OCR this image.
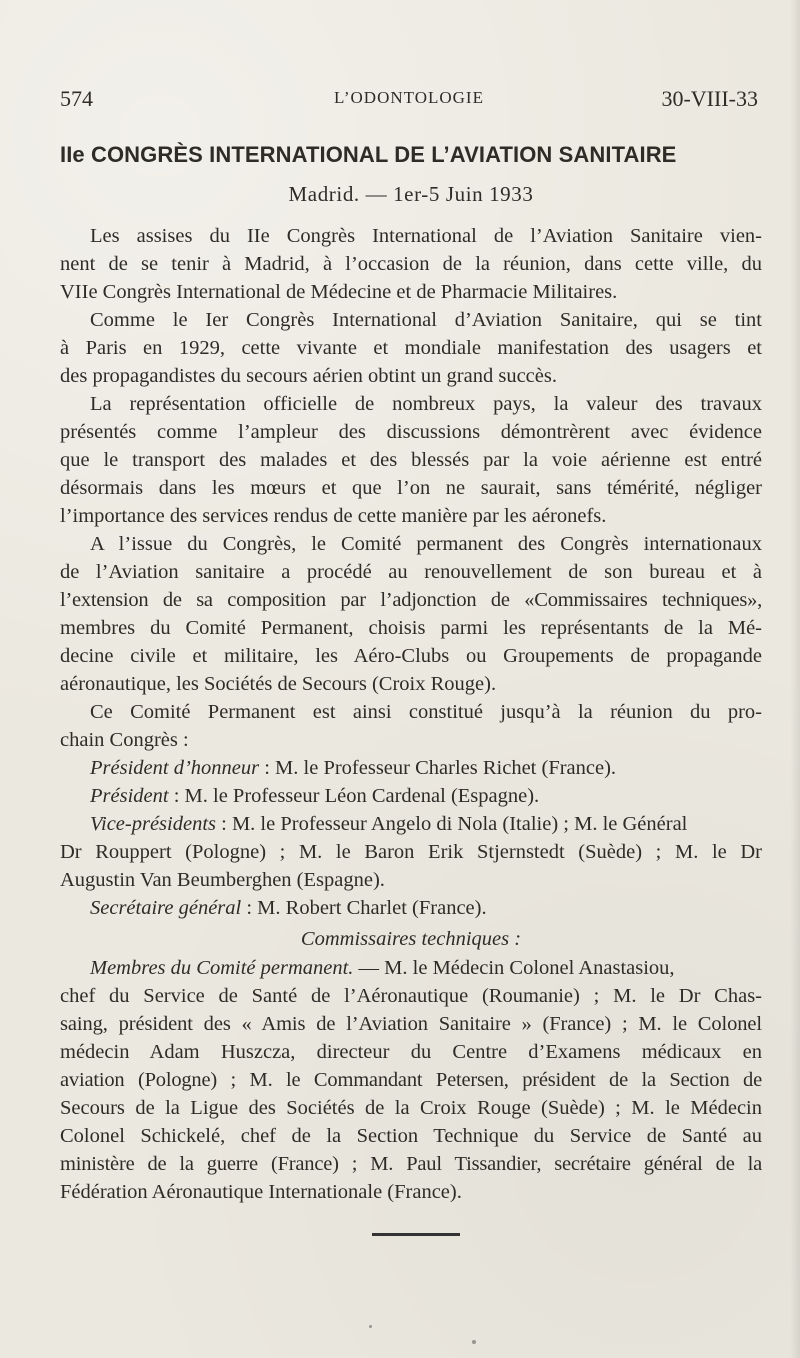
574	L’ODONTOLOGIE	30-VIII-33
IIe CONGRÈS INTERNATIONAL DE L’AVIATION SANITAIRE
Madrid. — 1er-5 Juin 1933
Les assises du IIe Congrès International de l’Aviation Sanitaire vien-
nent de se tenir à Madrid, à l’occasion de la réunion, dans cette ville, du
VIIe Congrès International de Médecine et de Pharmacie Militaires.
Comme le Ier Congrès International d’Aviation Sanitaire, qui se tint
à Paris en 1929, cette vivante et mondiale manifestation des usagers et
des propagandistes du secours aérien obtint un grand succès.
La représentation officielle de nombreux pays, la valeur des travaux
présentés comme l’ampleur des discussions démontrèrent avec évidence
que le transport des malades et des blessés par la voie aérienne est entré
désormais dans les mœurs et que l’on ne saurait, sans témérité, négliger
l’importance des services rendus de cette manière par les aéronefs.
A l’issue du Congrès, le Comité permanent des Congrès internationaux
de l’Aviation sanitaire a procédé au renouvellement de son bureau et à
l’extension de sa composition par l’adjonction de «Commissaires techniques»,
membres du Comité Permanent, choisis parmi les représentants de la Mé-
decine civile et militaire, les Aéro-Clubs ou Groupements de propagande
aéronautique, les Sociétés de Secours (Croix Rouge).
Ce Comité Permanent est ainsi constitué jusqu’à la réunion du pro-
chain Congrès :
Président d’honneur : M. le Professeur Charles Richet (France).
Président : M. le Professeur Léon Cardenal (Espagne).
Vice-présidents : M. le Professeur Angelo di Nola (Italie) ; M. le Général
Dr Rouppert (Pologne) ; M. le Baron Erik Stjernstedt (Suède) ; M. le Dr
Augustin Van Beumberghen (Espagne).
Secrétaire général : M. Robert Charlet (France).
Commissaires techniques :
Membres du Comité permanent. — M. le Médecin Colonel Anastasiou,
chef du Service de Santé de l’Aéronautique (Roumanie) ; M. le Dr Chas-
saing, président des « Amis de l’Aviation Sanitaire » (France) ; M. le Colonel
médecin Adam Huszcza, directeur du Centre d’Examens médicaux en
aviation (Pologne) ; M. le Commandant Petersen, président de la Section de
Secours de la Ligue des Sociétés de la Croix Rouge (Suède) ; M. le Médecin
Colonel Schickelé, chef de la Section Technique du Service de Santé au
ministère de la guerre (France) ; M. Paul Tissandier, secrétaire général de la
Fédération Aéronautique Internationale (France).
